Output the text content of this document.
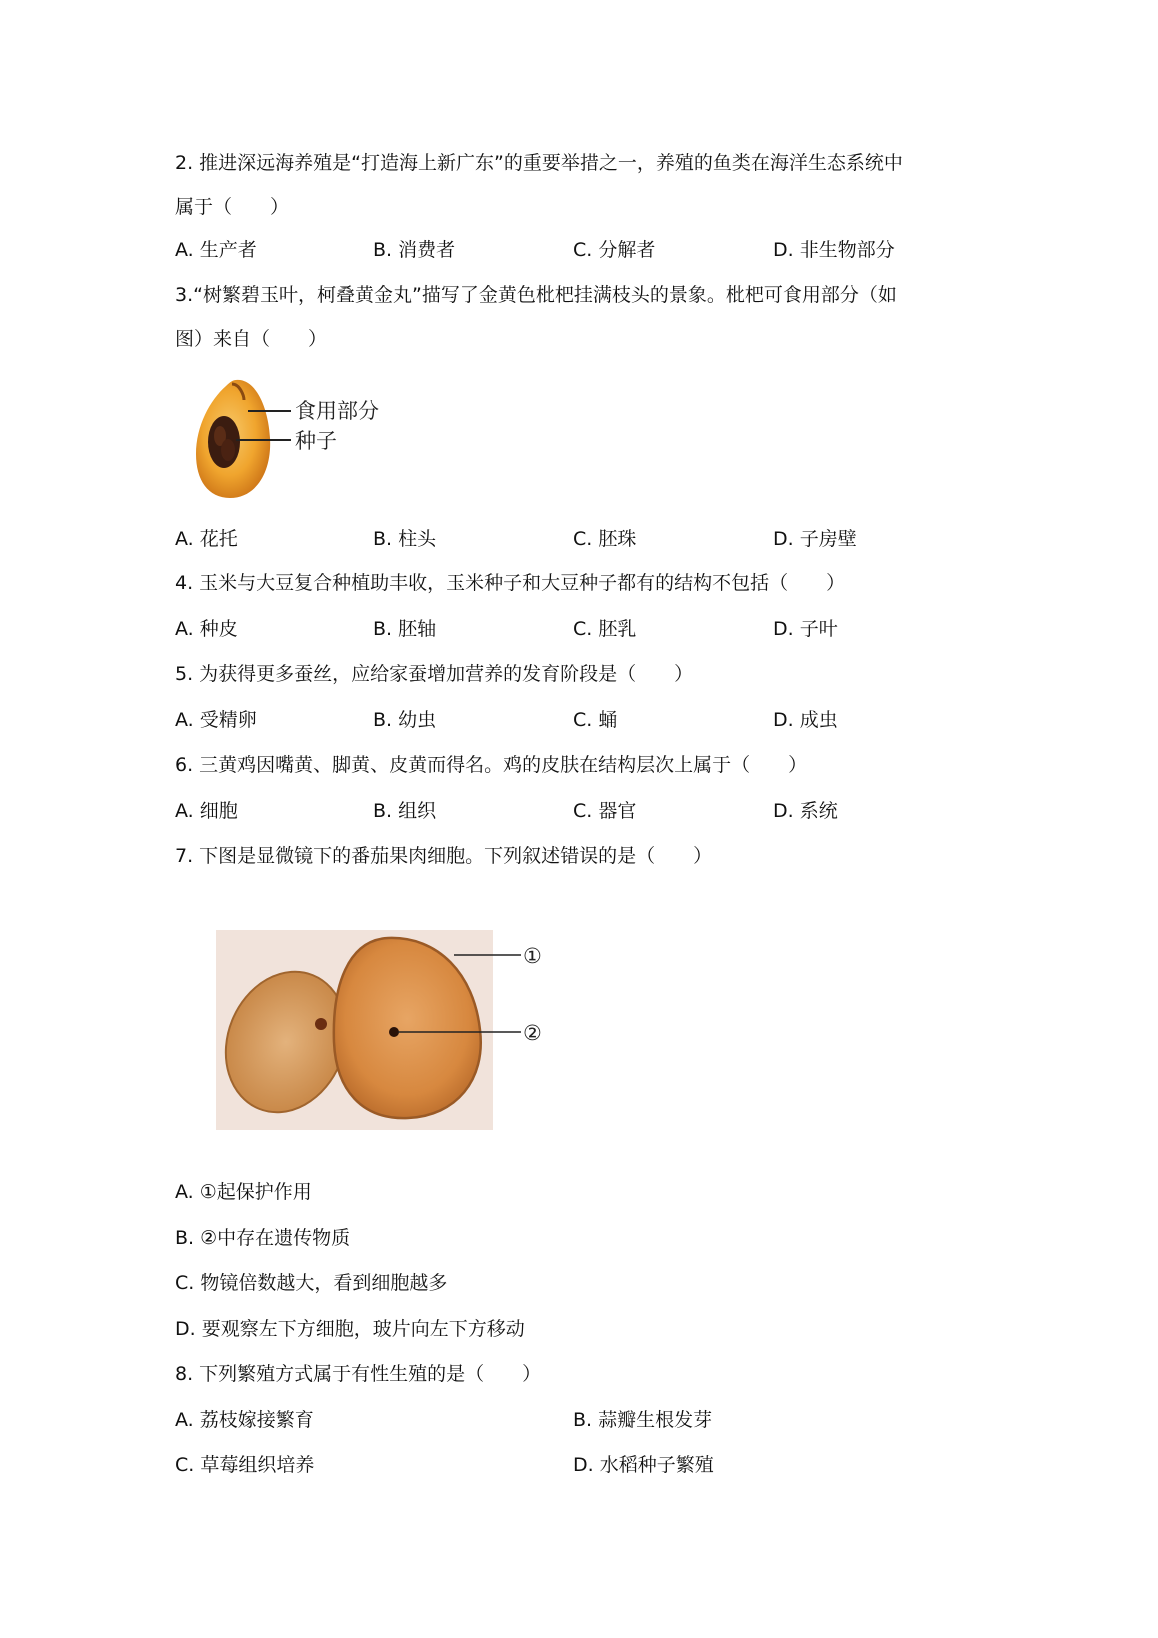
2. 推进深远海养殖是“打造海上新广东”的重要举措之一，养殖的鱼类在海洋生态系统中
属于（　　）
A. 生产者	B. 消费者	C. 分解者	D. 非生物部分
3.“树繁碧玉叶，柯叠黄金丸”描写了金黄色枇杷挂满枝头的景象。枇杷可食用部分（如
图）来自（　　）
食用部分
种子
A. 花托	B. 柱头	C. 胚珠	D. 子房壁
4. 玉米与大豆复合种植助丰收，玉米种子和大豆种子都有的结构不包括（　　）
A. 种皮	B. 胚轴	C. 胚乳	D. 子叶
5. 为获得更多蚕丝，应给家蚕增加营养的发育阶段是（　　）
A. 受精卵	B. 幼虫	C. 蛹	D. 成虫
6. 三黄鸡因嘴黄、脚黄、皮黄而得名。鸡的皮肤在结构层次上属于（　　）
A. 细胞	B. 组织	C. 器官	D. 系统
7. 下图是显微镜下的番茄果肉细胞。下列叙述错误的是（　　）
①
②
A. ①起保护作用
B. ②中存在遗传物质
C. 物镜倍数越大，看到细胞越多
D. 要观察左下方细胞，玻片向左下方移动
8. 下列繁殖方式属于有性生殖的是（　　）
A. 荔枝嫁接繁育	B. 蒜瓣生根发芽
C. 草莓组织培养	D. 水稻种子繁殖
